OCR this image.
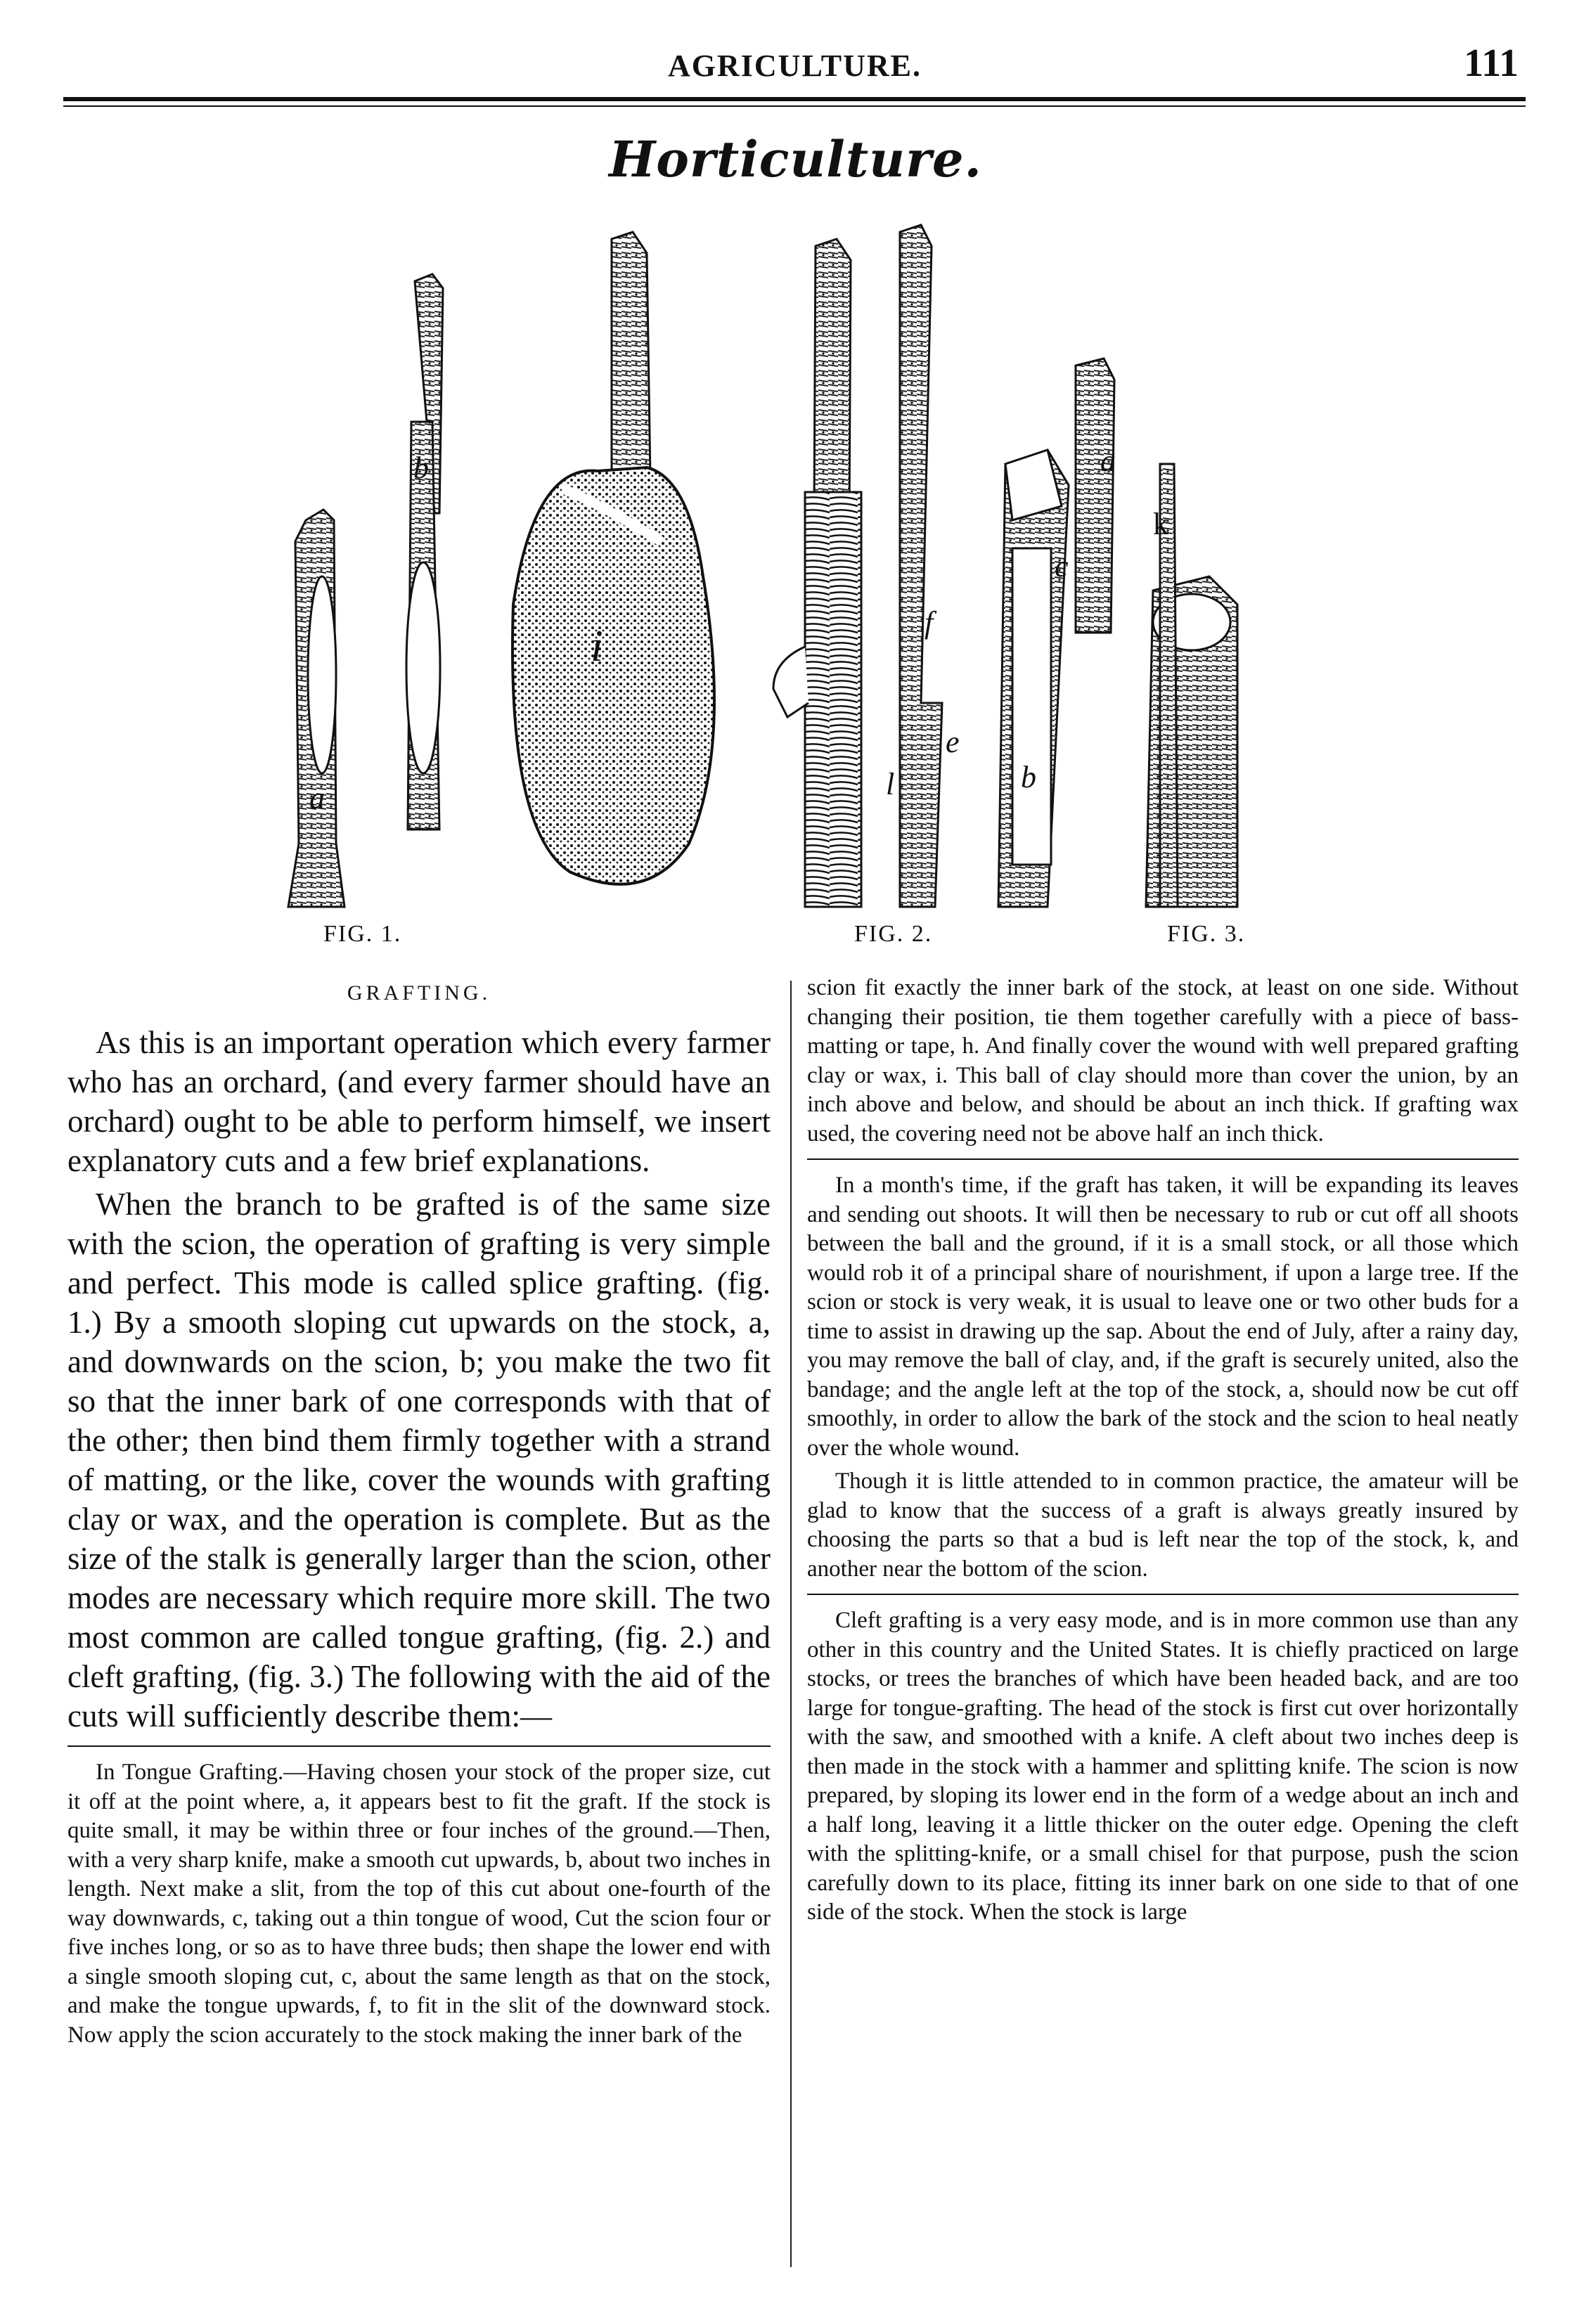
AGRICULTURE.	111
Horticulture.
a
b
i	f
e
l
a
c
k
b
FIG. 1.	FIG. 2.	FIG. 3.
GRAFTING.

As this is an important operation which every farmer who has an orchard, (and every farmer should have an orchard) ought to be able to perform himself, we insert explanatory cuts and a few brief explanations.

When the branch to be grafted is of the same size with the scion, the operation of grafting is very simple and perfect. This mode is called splice grafting. (fig. 1.) By a smooth sloping cut upwards on the stock, a, and downwards on the scion, b; you make the two fit so that the inner bark of one corresponds with that of the other; then bind them firmly together with a strand of matting, or the like, cover the wounds with grafting clay or wax, and the operation is complete. But as the size of the stalk is generally larger than the scion, other modes are necessary which require more skill. The two most common are called tongue grafting, (fig. 2.) and cleft grafting, (fig. 3.) The following with the aid of the cuts will sufficiently describe them:—

In Tongue Grafting.—Having chosen your stock of the proper size, cut it off at the point where, a, it appears best to fit the graft. If the stock is quite small, it may be within three or four inches of the ground.—Then, with a very sharp knife, make a smooth cut upwards, b, about two inches in length. Next make a slit, from the top of this cut about one-fourth of the way downwards, c, taking out a thin tongue of wood, Cut the scion four or five inches long, or so as to have three buds; then shape the lower end with a single smooth sloping cut, c, about the same length as that on the stock, and make the tongue upwards, f, to fit in the slit of the downward stock. Now apply the scion accurately to the stock making the inner bark of the

scion fit exactly the inner bark of the stock, at least on one side. Without changing their position, tie them together carefully with a piece of bass-matting or tape, h. And finally cover the wound with well prepared grafting clay or wax, i. This ball of clay should more than cover the union, by an inch above and below, and should be about an inch thick. If grafting wax used, the covering need not be above half an inch thick.

In a month's time, if the graft has taken, it will be expanding its leaves and sending out shoots. It will then be necessary to rub or cut off all shoots between the ball and the ground, if it is a small stock, or all those which would rob it of a principal share of nourishment, if upon a large tree. If the scion or stock is very weak, it is usual to leave one or two other buds for a time to assist in drawing up the sap. About the end of July, after a rainy day, you may remove the ball of clay, and, if the graft is securely united, also the bandage; and the angle left at the top of the stock, a, should now be cut off smoothly, in order to allow the bark of the stock and the scion to heal neatly over the whole wound.

Though it is little attended to in common practice, the amateur will be glad to know that the success of a graft is always greatly insured by choosing the parts so that a bud is left near the top of the stock, k, and another near the bottom of the scion.

Cleft grafting is a very easy mode, and is in more common use than any other in this country and the United States. It is chiefly practiced on large stocks, or trees the branches of which have been headed back, and are too large for tongue-grafting. The head of the stock is first cut over horizontally with the saw, and smoothed with a knife. A cleft about two inches deep is then made in the stock with a hammer and splitting knife. The scion is now prepared, by sloping its lower end in the form of a wedge about an inch and a half long, leaving it a little thicker on the outer edge. Opening the cleft with the splitting-knife, or a small chisel for that purpose, push the scion carefully down to its place, fitting its inner bark on one side to that of one side of the stock. When the stock is large
